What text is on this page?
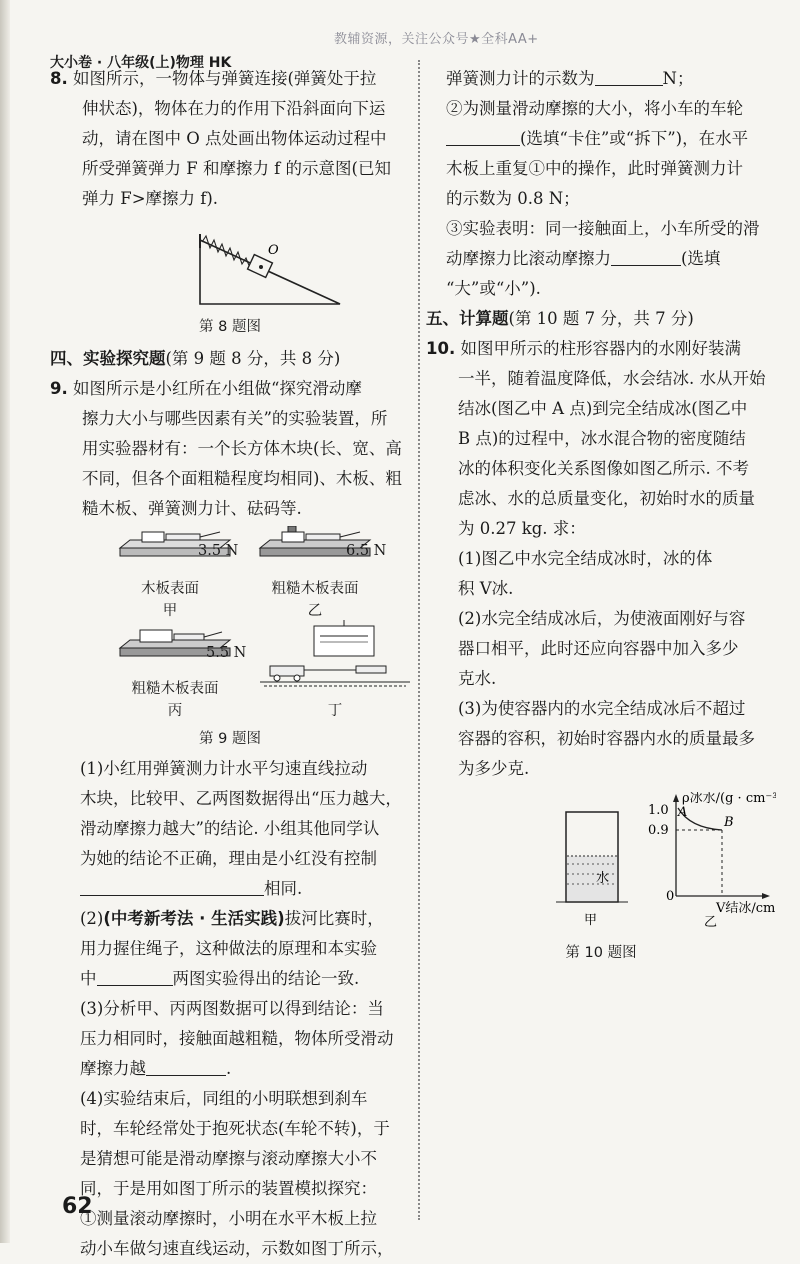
教辅资源，关注公众号★全科AA+
大小卷 · 八年级(上)物理 HK

8. 如图所示，一物体与弹簧连接(弹簧处于拉

伸状态)，物体在力的作用下沿斜面向下运

动，请在图中 O 点处画出物体运动过程中

所受弹簧弹力 F 和摩擦力 f 的示意图(已知

弹力 F>摩擦力 f).

O

第 8 题图

四、实验探究题(第 9 题 8 分，共 8 分)

9. 如图所示是小红所在小组做“探究滑动摩

擦力大小与哪些因素有关”的实验装置，所

用实验器材有：一个长方体木块(长、宽、高

不同，但各个面粗糙程度均相同)、木板、粗

糙木板、弹簧测力计、砝码等.

3.5 N
木板表面
甲
6.5 N
粗糙木板表面
乙
5.5 N
粗糙木板表面
丙	丁

第 9 题图

(1)小红用弹簧测力计水平匀速直线拉动

木块，比较甲、乙两图数据得出“压力越大，

滑动摩擦力越大”的结论. 小组其他同学认

为她的结论不正确，理由是小红没有控制

相同.

(2)(中考新考法 · 生活实践)拔河比赛时，

用力握住绳子，这种做法的原理和本实验

中	两图实验得出的结论一致.

(3)分析甲、丙两图数据可以得到结论：当

压力相同时，接触面越粗糙，物体所受滑动

摩擦力越	.

(4)实验结束后，同组的小明联想到刹车

时，车轮经常处于抱死状态(车轮不转)，于

是猜想可能是滑动摩擦与滚动摩擦大小不

同，于是用如图丁所示的装置模拟探究：

①测量滚动摩擦时，小明在水平木板上拉

动小车做匀速直线运动，示数如图丁所示，

弹簧测力计的示数为	N；

②为测量滑动摩擦的大小，将小车的车轮

(选填“卡住”或“拆下”)，在水平

木板上重复①中的操作，此时弹簧测力计

的示数为 0.8 N；

③实验表明：同一接触面上，小车所受的滑

动摩擦力比滚动摩擦力	(选填

“大”或“小”).

五、计算题(第 10 题 7 分，共 7 分)

10. 如图甲所示的柱形容器内的水刚好装满

一半，随着温度降低，水会结冰. 水从开始

结冰(图乙中 A 点)到完全结成冰(图乙中

B 点)的过程中，冰水混合物的密度随结

冰的体积变化关系图像如图乙所示. 不考

虑冰、水的总质量变化，初始时水的质量

为 0.27 kg. 求：

(1)图乙中水完全结成冰时，冰的体

积 V冰.

(2)水完全结成冰后，为使液面刚好与容

器口相平，此时还应向容器中加入多少

克水.

(3)为使容器内的水完全结成冰后不超过

容器的容积，初始时容器内水的质量最多

为多少克.

水
甲
ρ冰水/(g · cm⁻³)
1.0
0.9
0
A
B
V结冰/cm³
乙

第 10 题图

62
